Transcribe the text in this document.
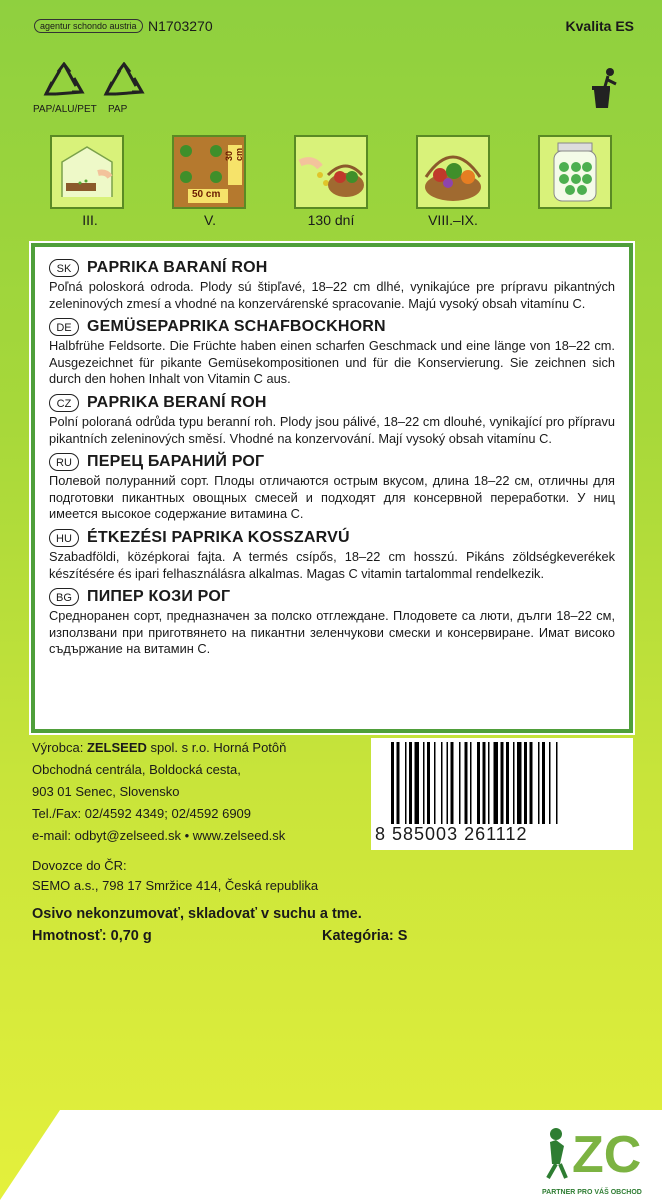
agentur schondo austria N1703270	Kvalita ES
PAP/ALU/PET PAP
III.
50 cm
30 cm
V.	130 dní	VIII.–IX.
SK PAPRIKA BARANÍ ROH
Poľná poloskorá odroda. Plody sú štipľavé, 18–22 cm dlhé, vynikajúce pre prípravu pikantných zeleninových zmesí a vhodné na konzervárenské spracovanie. Majú vysoký obsah vitamínu C.
DE GEMÜSEPAPRIKA SCHAFBOCKHORN
Halbfrühe Feldsorte. Die Früchte haben einen scharfen Geschmack und eine länge von 18–22 cm. Ausgezeichnet für pikante Gemüsekompositionen und für die Konservierung. Sie zeichnen sich durch den hohen Inhalt von Vitamin C aus.
CZ PAPRIKA BERANÍ ROH
Polní poloraná odrůda typu beranní roh. Plody jsou pálivé, 18–22 cm dlouhé, vynikající pro přípravu pikantních zeleninových směsí. Vhodné na konzervování. Mají vysoký obsah vitamínu C.
RU ПЕРЕЦ БАРАНИЙ РОГ
Полевой полуранний сорт. Плоды отличаются острым вкусом, длина 18–22 см, отличны для подготовки пикантных овощных смесей и подходят для консервной переработки. У ниц имеется высокое содержание витамина С.
HU ÉTKEZÉSI PAPRIKA KOSSZARVÚ
Szabadföldi, középkorai fajta. A termés csípős, 18–22 cm hosszú. Pikáns zöldségkeverékek készítésére és ipari felhasználásra alkalmas. Magas C vitamin tartalommal rendelkezik.
BG ПИПЕР КОЗИ РОГ
Средноранен сорт, предназначен за полско отглеждане. Плодовете са люти, дълги 18–22 см, използвани при приготвянето на пикантни зеленчукови смески и консервиране. Имат високо съдържание на витамин С.
Výrobca: ZELSEED spol. s r.o. Horná Potôň
Obchodná centrála, Boldocká cesta,
903 01 Senec, Slovensko
Tel./Fax: 02/4592 4349; 02/4592 6909
e-mail: odbyt@zelseed.sk • www.zelseed.sk
Dovozce do ČR:
SEMO a.s., 798 17 Smržice 414, Česká republika
8 585003 261112
Osivo nekonzumovať, skladovať v suchu a tme.
Hmotnosť: 0,70 g	Kategória: S
ZC
PARTNER PRO VÁŠ OBCHOD
